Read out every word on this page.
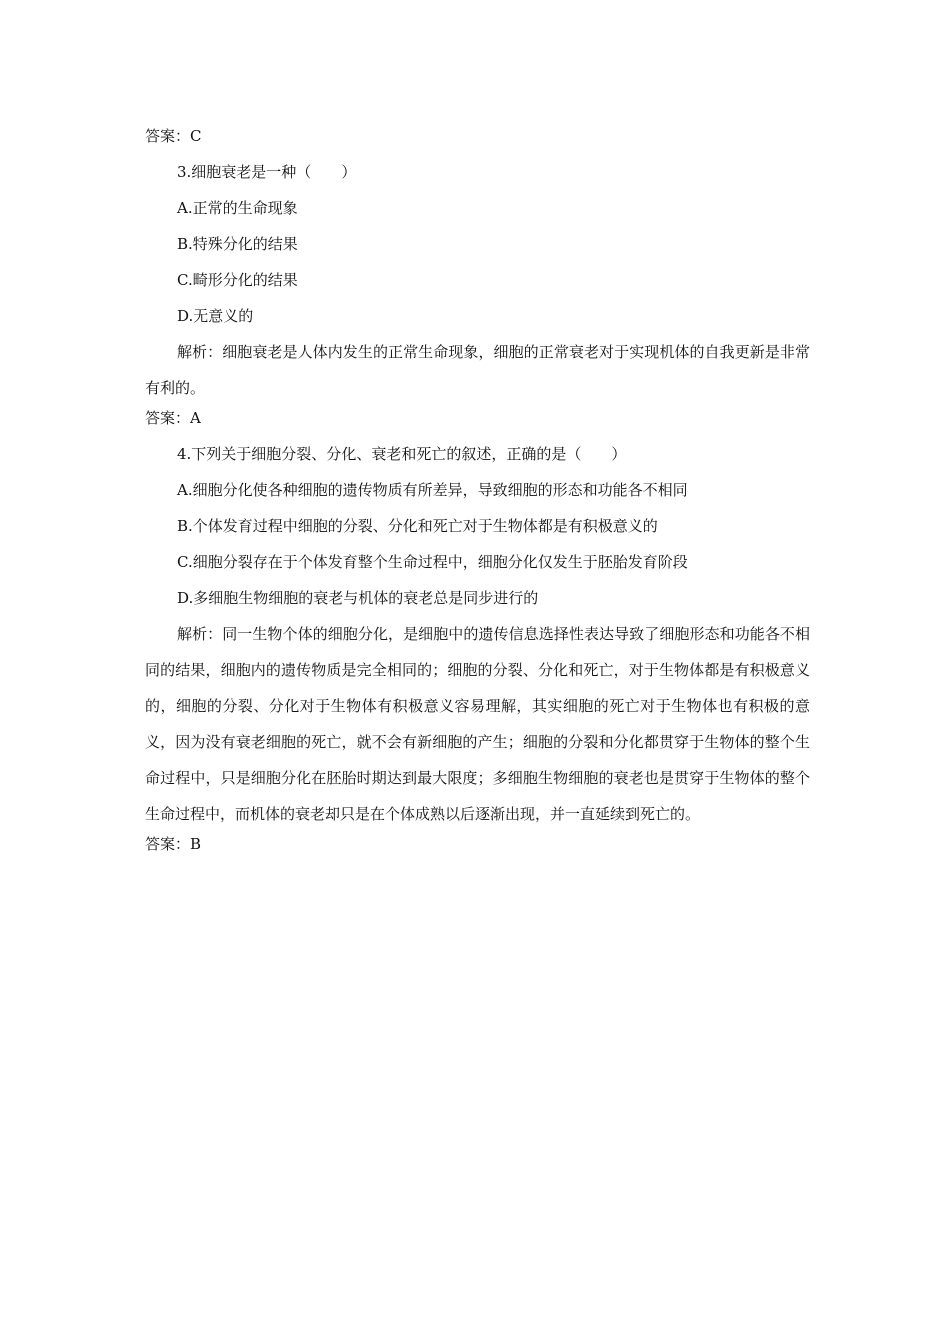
答案：C
3.细胞衰老是一种（　　）
A.正常的生命现象
B.特殊分化的结果
C.畸形分化的结果
D.无意义的
解析：细胞衰老是人体内发生的正常生命现象，细胞的正常衰老对于实现机体的自我更新是非常有利的。
答案：A
4.下列关于细胞分裂、分化、衰老和死亡的叙述，正确的是（　　）
A.细胞分化使各种细胞的遗传物质有所差异，导致细胞的形态和功能各不相同
B.个体发育过程中细胞的分裂、分化和死亡对于生物体都是有积极意义的
C.细胞分裂存在于个体发育整个生命过程中，细胞分化仅发生于胚胎发育阶段
D.多细胞生物细胞的衰老与机体的衰老总是同步进行的
解析：同一生物个体的细胞分化，是细胞中的遗传信息选择性表达导致了细胞形态和功能各不相同的结果，细胞内的遗传物质是完全相同的；细胞的分裂、分化和死亡，对于生物体都是有积极意义的，细胞的分裂、分化对于生物体有积极意义容易理解，其实细胞的死亡对于生物体也有积极的意义，因为没有衰老细胞的死亡，就不会有新细胞的产生；细胞的分裂和分化都贯穿于生物体的整个生命过程中，只是细胞分化在胚胎时期达到最大限度；多细胞生物细胞的衰老也是贯穿于生物体的整个生命过程中，而机体的衰老却只是在个体成熟以后逐渐出现，并一直延续到死亡的。
答案：B
